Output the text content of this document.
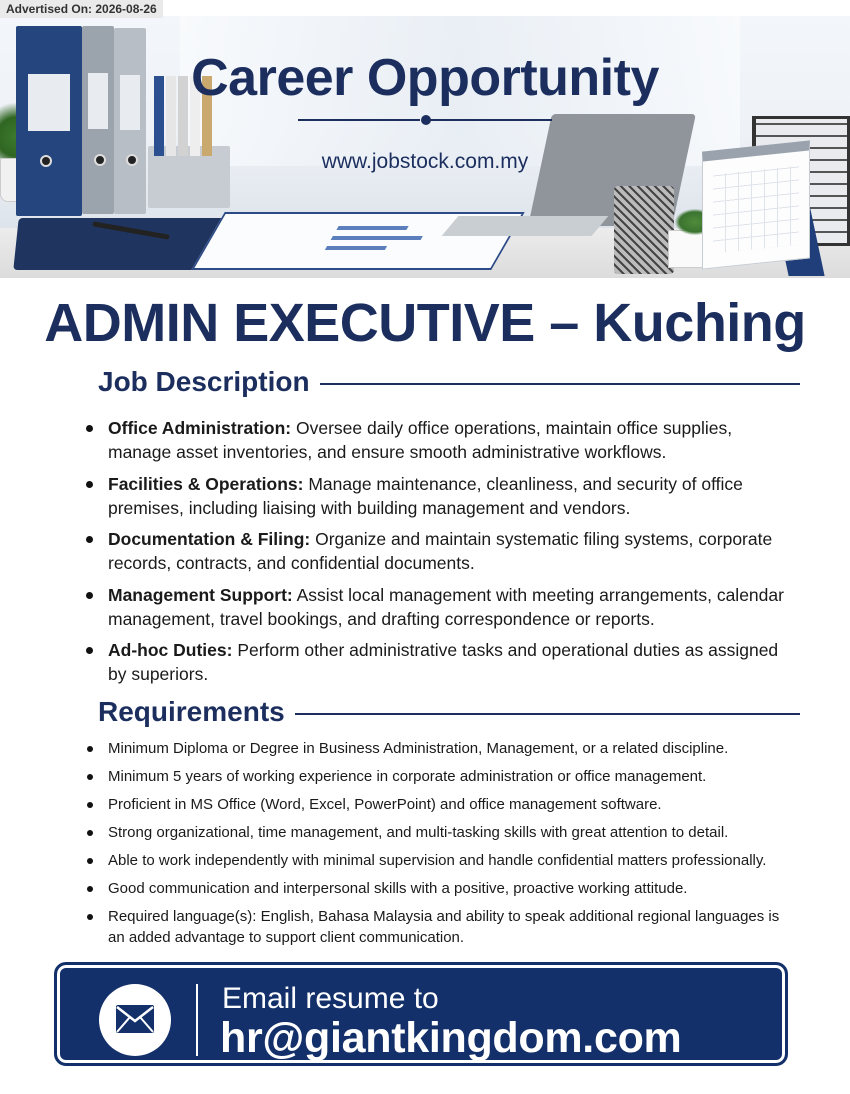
Advertised On: 2026-08-26
Career Opportunity
www.jobstock.com.my
ADMIN EXECUTIVE – Kuching
Job Description
Office Administration: Oversee daily office operations, maintain office supplies, manage asset inventories, and ensure smooth administrative workflows.
Facilities & Operations: Manage maintenance, cleanliness, and security of office premises, including liaising with building management and vendors.
Documentation & Filing: Organize and maintain systematic filing systems, corporate records, contracts, and confidential documents.
Management Support: Assist local management with meeting arrangements, calendar management, travel bookings, and drafting correspondence or reports.
Ad-hoc Duties: Perform other administrative tasks and operational duties as assigned by superiors.
Requirements
Minimum Diploma or Degree in Business Administration, Management, or a related discipline.
Minimum 5 years of working experience in corporate administration or office management.
Proficient in MS Office (Word, Excel, PowerPoint) and office management software.
Strong organizational, time management, and multi-tasking skills with great attention to detail.
Able to work independently with minimal supervision and handle confidential matters professionally.
Good communication and interpersonal skills with a positive, proactive working attitude.
Required language(s): English, Bahasa Malaysia and ability to speak additional regional languages is an added advantage to support client communication.
Email resume to
hr@giantkingdom.com
